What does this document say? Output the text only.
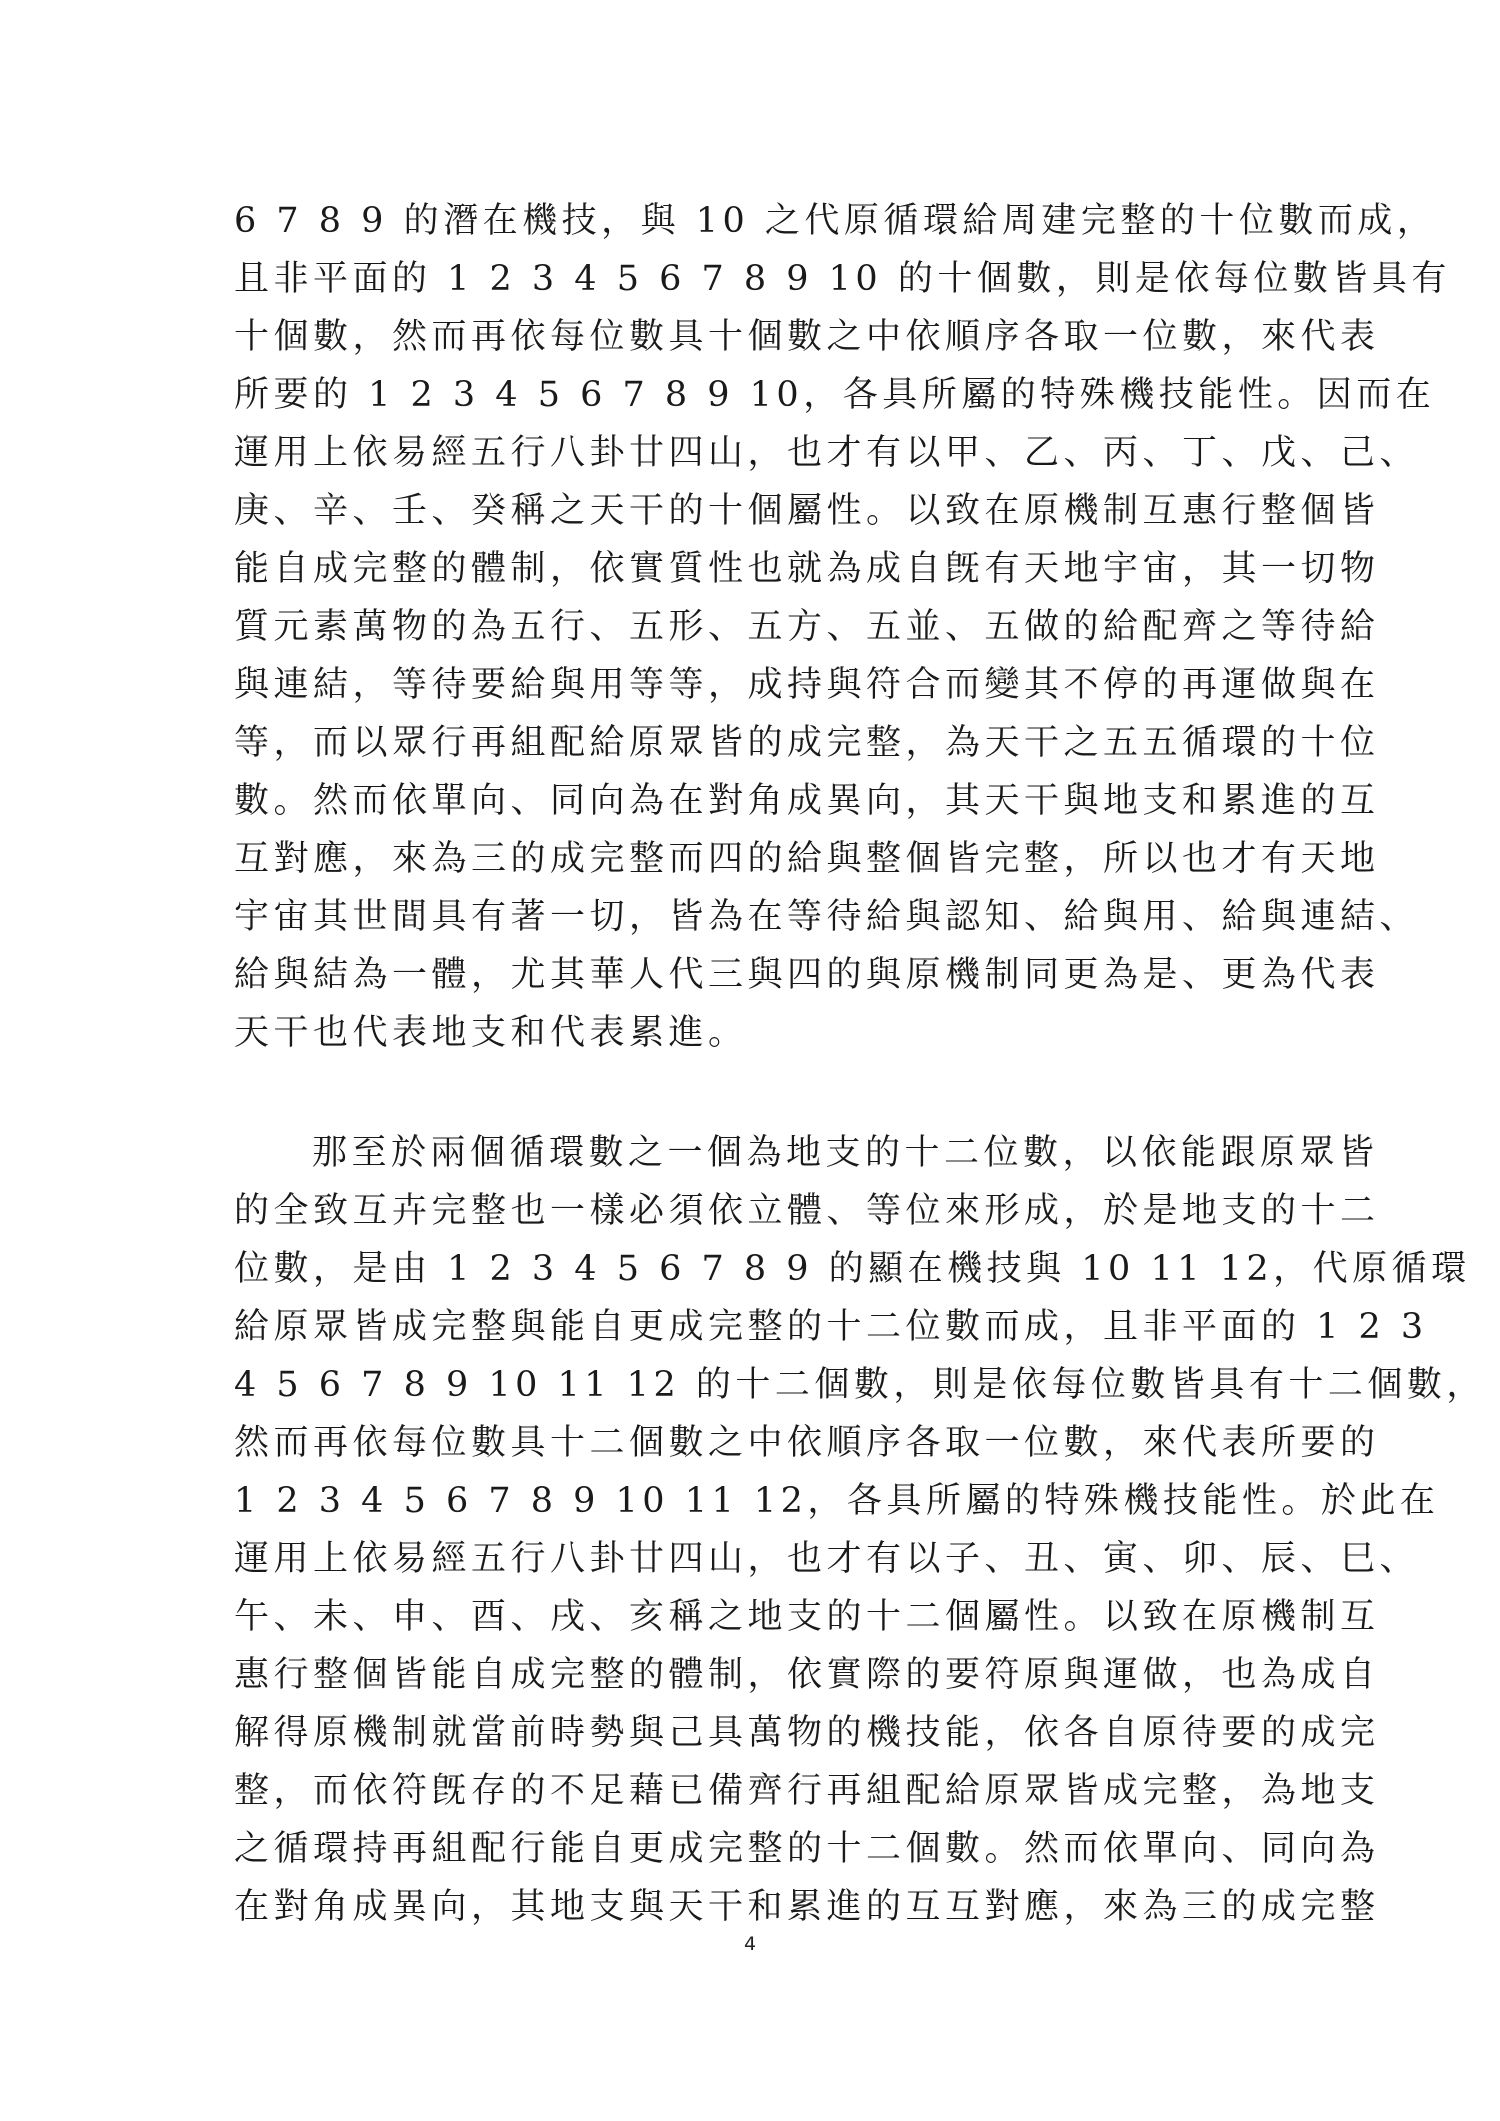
6 7 8 9 的潛在機技，與 10 之代原循環給周建完整的十位數而成，
且非平面的 1 2 3 4 5 6 7 8 9 10 的十個數，則是依每位數皆具有
十個數，然而再依每位數具十個數之中依順序各取一位數，來代表
所要的 1 2 3 4 5 6 7 8 9 10，各具所屬的特殊機技能性。因而在
運用上依易經五行八卦廿四山，也才有以甲、乙、丙、丁、戊、己、
庚、辛、壬、癸稱之天干的十個屬性。以致在原機制互惠行整個皆
能自成完整的體制，依實質性也就為成自旣有天地宇宙，其一切物
質元素萬物的為五行、五形、五方、五並、五做的給配齊之等待給
與連結，等待要給與用等等，成持與符合而變其不停的再運做與在
等，而以眾行再組配給原眾皆的成完整，為天干之五五循環的十位
數。然而依單向、同向為在對角成異向，其天干與地支和累進的互
互對應，來為三的成完整而四的給與整個皆完整，所以也才有天地
宇宙其世間具有著一切，皆為在等待給與認知、給與用、給與連結、
給與結為一體，尤其華人代三與四的與原機制同更為是、更為代表
天干也代表地支和代表累進。
那至於兩個循環數之一個為地支的十二位數，以依能跟原眾皆
的全致互卉完整也一樣必須依立體、等位來形成，於是地支的十二
位數，是由 1 2 3 4 5 6 7 8 9 的顯在機技與 10 11 12，代原循環
給原眾皆成完整與能自更成完整的十二位數而成，且非平面的 1 2 3
4 5 6 7 8 9 10 11 12 的十二個數，則是依每位數皆具有十二個數，
然而再依每位數具十二個數之中依順序各取一位數，來代表所要的
1 2 3 4 5 6 7 8 9 10 11 12，各具所屬的特殊機技能性。於此在
運用上依易經五行八卦廿四山，也才有以子、丑、寅、卯、辰、巳、
午、未、申、酉、戌、亥稱之地支的十二個屬性。以致在原機制互
惠行整個皆能自成完整的體制，依實際的要符原與運做，也為成自
解得原機制就當前時勢與己具萬物的機技能，依各自原待要的成完
整，而依符旣存的不足藉已備齊行再組配給原眾皆成完整，為地支
之循環持再組配行能自更成完整的十二個數。然而依單向、同向為
在對角成異向，其地支與天干和累進的互互對應，來為三的成完整
4
